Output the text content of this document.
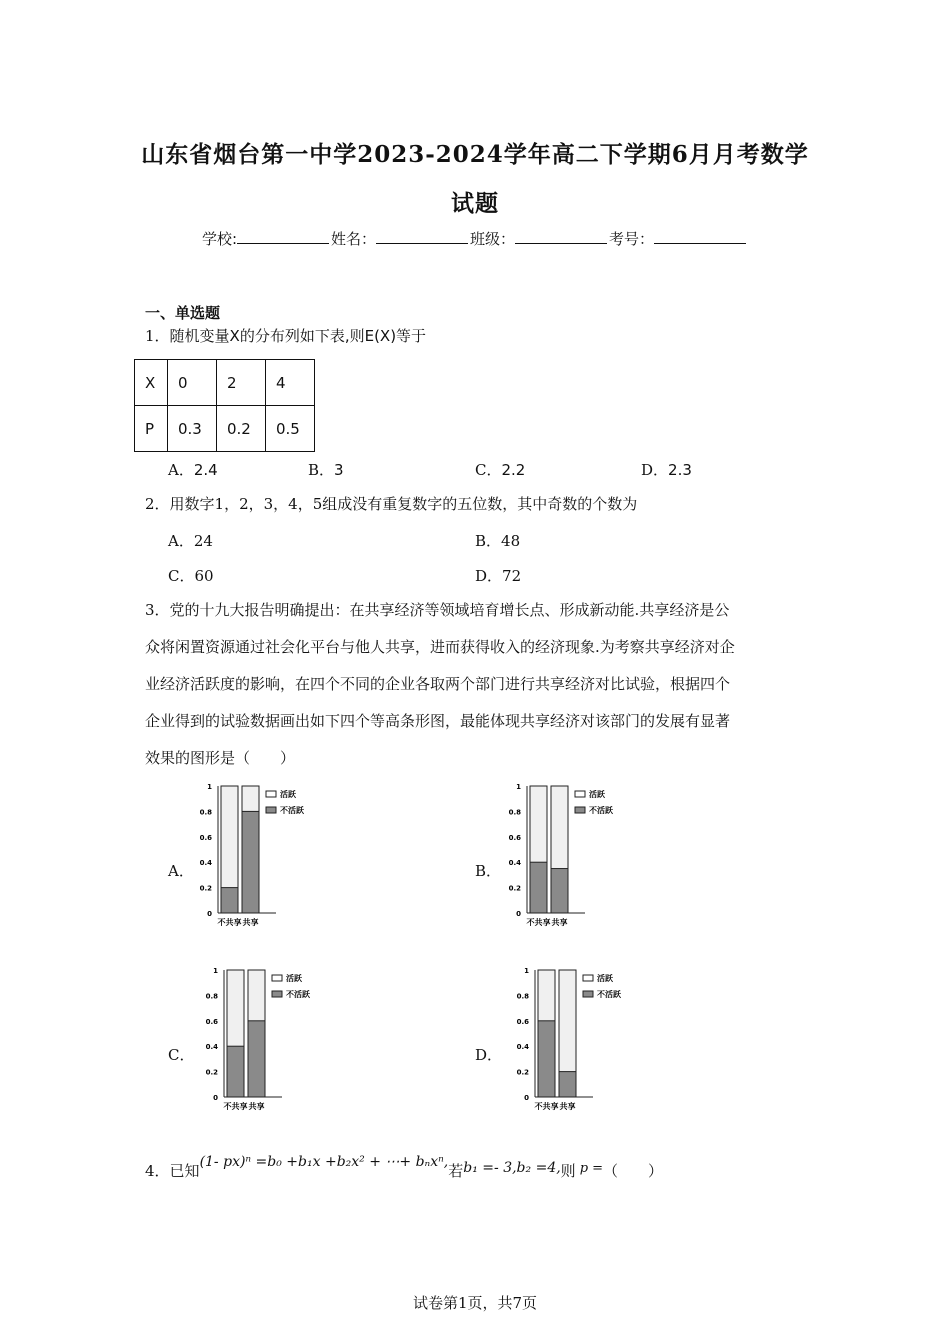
山东省烟台第一中学2023-2024学年高二下学期6月月考数学
试题
学校:	姓名：	班级：	考号：
一、单选题
1．随机变量X的分布列如下表,则E(X)等于
X	0	2	4
P	0.3	0.2	0.5
A．2.4	B．3	C．2.2	D．2.3
2．用数字1，2，3，4，5组成没有重复数字的五位数，其中奇数的个数为
A．24	B．48
C．60	D．72
3．党的十九大报告明确提出：在共享经济等领域培育增长点、形成新动能.共享经济是公
众将闲置资源通过社会化平台与他人共享，进而获得收入的经济现象.为考察共享经济对企
业经济活跃度的影响，在四个不同的企业各取两个部门进行共享经济对比试验，根据四个
企业得到的试验数据画出如下四个等高条形图，最能体现共享经济对该部门的发展有显著
效果的图形是（　　）
A．	B．
C．	D．
0
0.2
0.4
0.6
0.8
1
不共享 共享
活跃
不活跃
0
0.2
0.4
0.6
0.8
1
不共享 共享
活跃
不活跃
0
0.2
0.4
0.6
0.8
1
不共享 共享
活跃
不活跃
0
0.2
0.4
0.6
0.8
1
不共享 共享
活跃
不活跃
4．已知(1- px)ⁿ =b₀ +b₁x +b₂x² + ⋯+ bₙxⁿ,若b₁ =- 3,b₂ =4,则 p =（　　）
试卷第1页，共7页
